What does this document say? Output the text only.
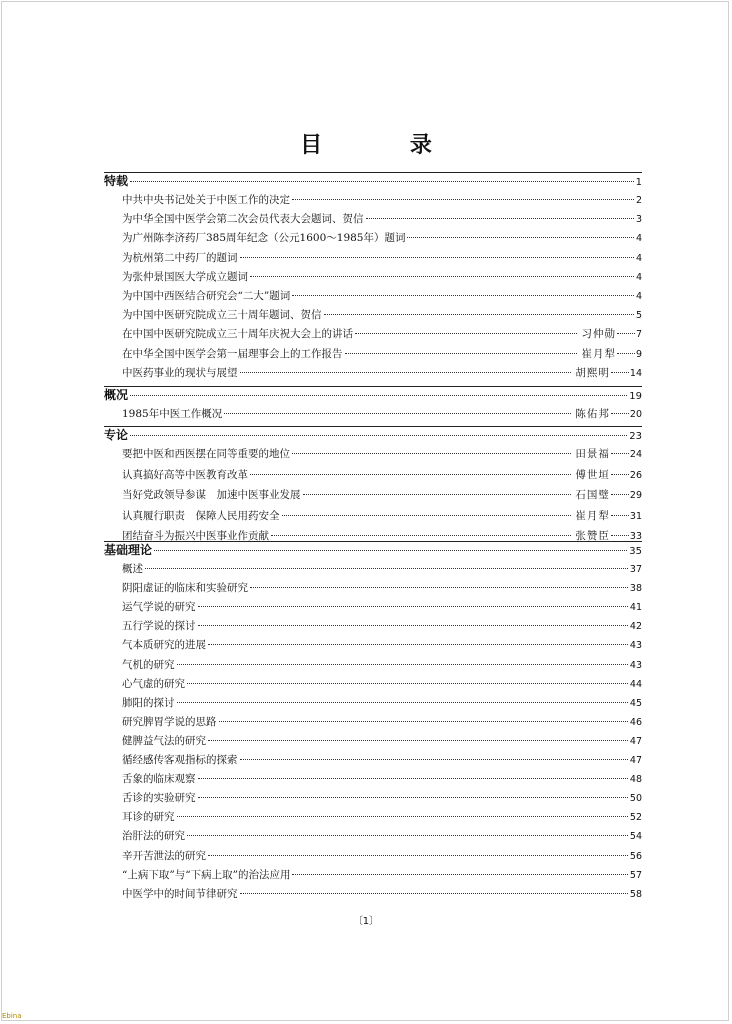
目 录
特载	1
中共中央书记处关于中医工作的决定	2
为中华全国中医学会第二次会员代表大会题词、贺信	3
为广州陈李济药厂385周年纪念（公元1600～1985年）题词	4
为杭州第二中药厂的题词	4
为张仲景国医大学成立题词	4
为中国中西医结合研究会“二大”题词	4
为中国中医研究院成立三十周年题词、贺信	5
在中国中医研究院成立三十周年庆祝大会上的讲话	习仲勋 7
在中华全国中医学会第一届理事会上的工作报告	崔月犁 9
中医药事业的现状与展望	胡熙明 14
概况	19
1985年中医工作概况	陈佑邦 20
专论	23
要把中医和西医摆在同等重要的地位	田景福 24
认真搞好高等中医教育改革	傅世垣 26
当好党政领导参谋　加速中医事业发展	石国璧 29
认真履行职责　保障人民用药安全	崔月犁 31
团结奋斗为振兴中医事业作贡献	张赞臣 33
基础理论	35
概述	37
阴阳虚证的临床和实验研究	38
运气学说的研究	41
五行学说的探讨	42
气本质研究的进展	43
气机的研究	43
心气虚的研究	44
肺阳的探讨	45
研究脾胃学说的思路	46
健脾益气法的研究	47
循经感传客观指标的探索	47
舌象的临床观察	48
舌诊的实验研究	50
耳诊的研究	52
治肝法的研究	54
辛开苦泄法的研究	56
“上病下取”与“下病上取”的治法应用	57
中医学中的时间节律研究	58
〔1〕
Ebina
